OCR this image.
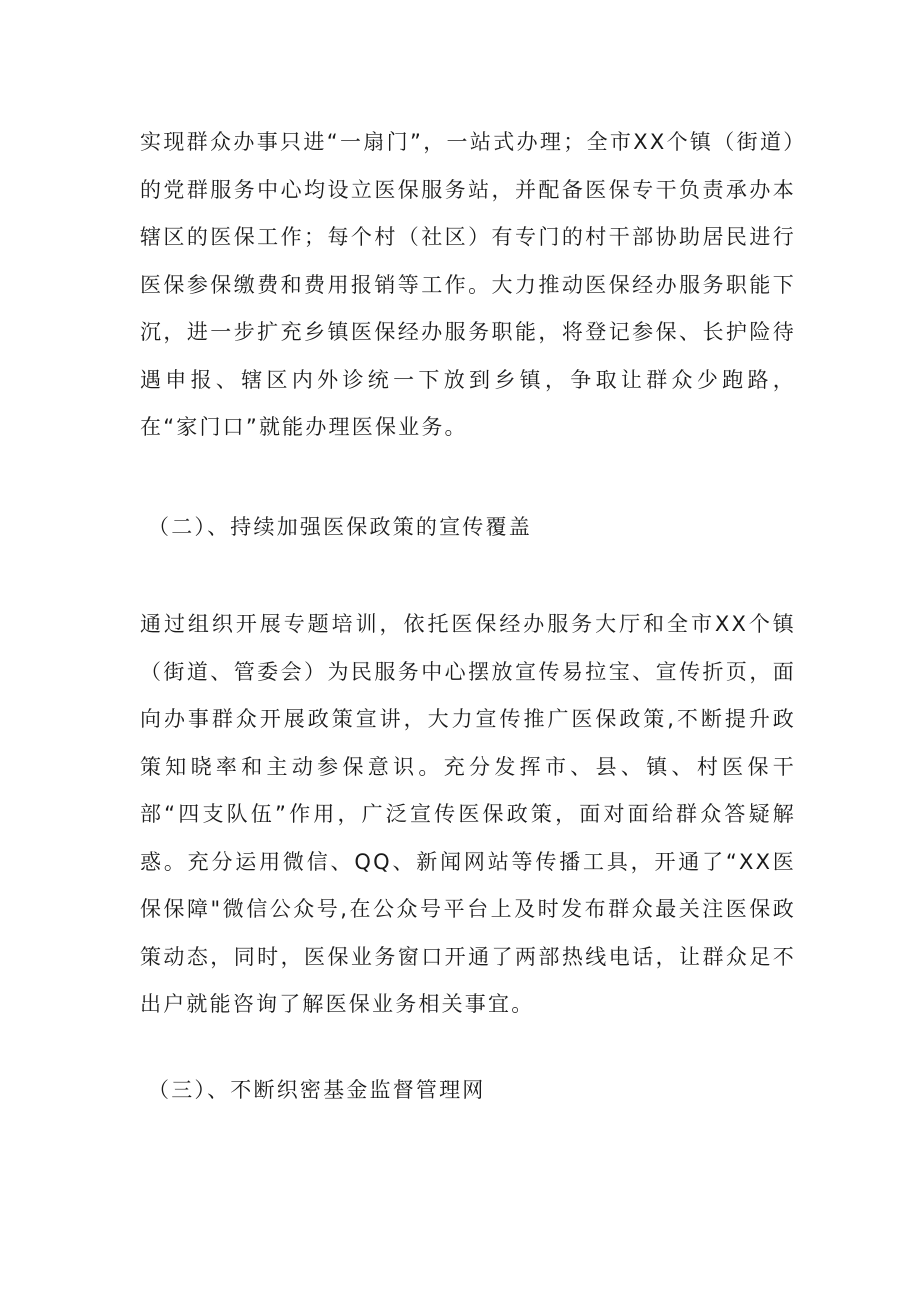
实现群众办事只进“一扇门”，一站式办理；全市XX个镇（街道）的党群服务中心均设立医保服务站，并配备医保专干负责承办本辖区的医保工作；每个村（社区）有专门的村干部协助居民进行医保参保缴费和费用报销等工作。大力推动医保经办服务职能下沉，进一步扩充乡镇医保经办服务职能，将登记参保、长护险待遇申报、辖区内外诊统一下放到乡镇，争取让群众少跑路，在“家门口”就能办理医保业务。

（二）、持续加强医保政策的宣传覆盖

通过组织开展专题培训，依托医保经办服务大厅和全市XX个镇（街道、管委会）为民服务中心摆放宣传易拉宝、宣传折页，面向办事群众开展政策宣讲，大力宣传推广医保政策,不断提升政策知晓率和主动参保意识。充分发挥市、县、镇、村医保干部“四支队伍”作用，广泛宣传医保政策，面对面给群众答疑解惑。充分运用微信、QQ、新闻网站等传播工具，开通了“XX医保保障"微信公众号,在公众号平台上及时发布群众最关注医保政策动态，同时，医保业务窗口开通了两部热线电话，让群众足不出户就能咨询了解医保业务相关事宜。

（三）、不断织密基金监督管理网
